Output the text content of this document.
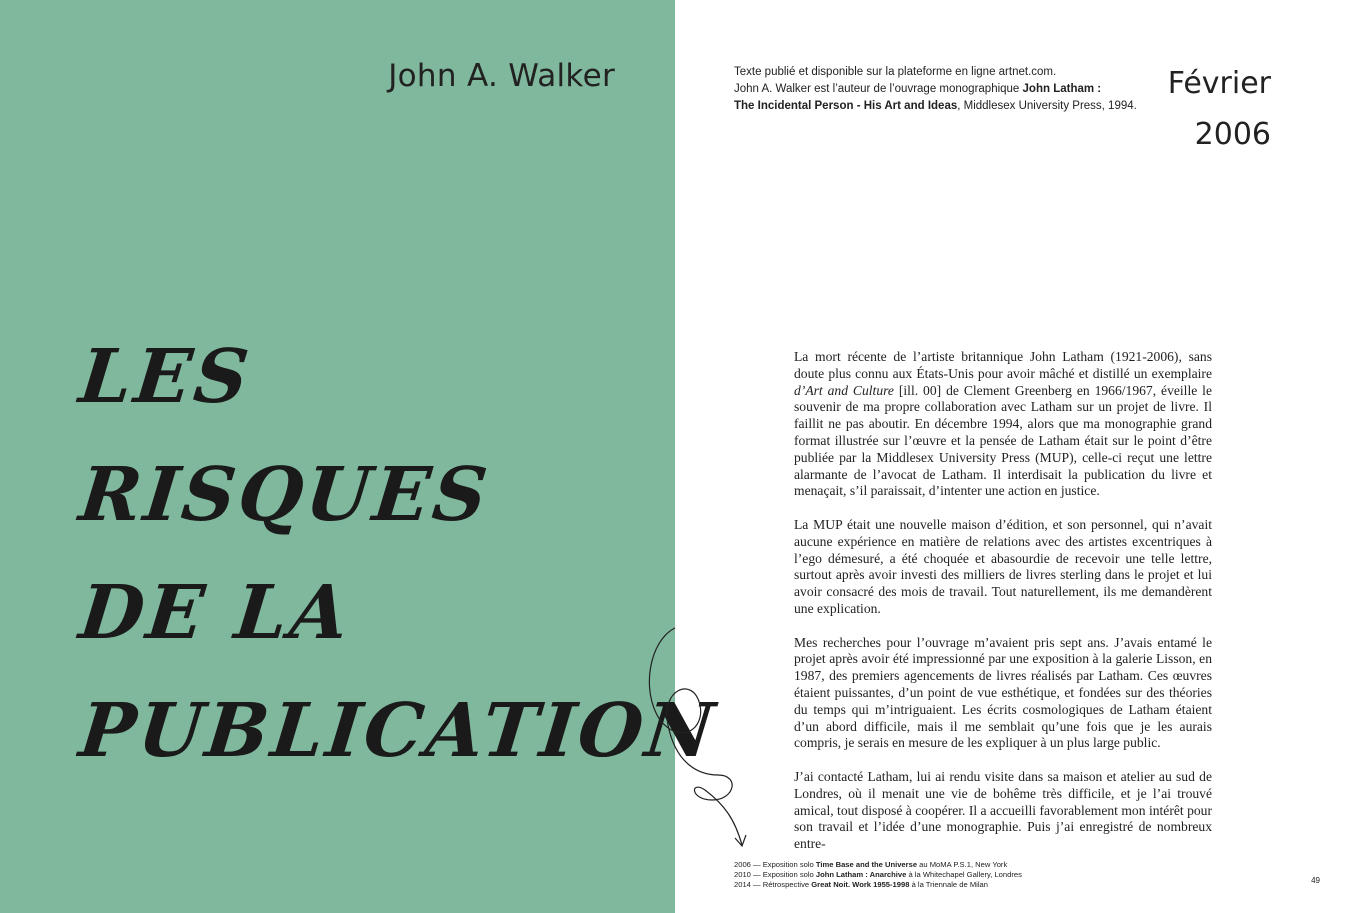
John A. Walker
LES
RISQUES
DE LA
PUBLICATION
Texte publié et disponible sur la plateforme en ligne artnet.com.
John A. Walker est l’auteur de l’ouvrage monographique John Latham :
The Incidental Person - His Art and Ideas, Middlesex University Press, 1994.
Février
2006

La mort récente de l’artiste britannique John Latham (1921-2006), sans doute plus connu aux États-Unis pour avoir mâché et distillé un exemplaire d’Art and Culture [ill. 00] de Clement Greenberg en 1966/1967, éveille le souvenir de ma propre collaboration avec Latham sur un projet de livre. Il faillit ne pas aboutir. En décembre 1994, alors que ma monographie grand format illustrée sur l’œuvre et la pensée de Latham était sur le point d’être publiée par la Middlesex University Press (MUP), celle-ci reçut une lettre alarmante de l’avocat de Latham. Il interdisait la publication du livre et menaçait, s’il paraissait, d’intenter une action en justice.

La MUP était une nouvelle maison d’édition, et son personnel, qui n’avait aucune expérience en matière de relations avec des artistes excentriques à l’ego démesuré, a été choquée et abasourdie de recevoir une telle lettre, surtout après avoir investi des milliers de livres sterling dans le projet et lui avoir consacré des mois de travail. Tout naturellement, ils me demandèrent une explication.

Mes recherches pour l’ouvrage m’avaient pris sept ans. J’avais entamé le projet après avoir été impressionné par une exposition à la galerie Lisson, en 1987, des premiers agencements de livres réalisés par Latham. Ces œuvres étaient puissantes, d’un point de vue esthétique, et fondées sur des théories du temps qui m’intriguaient. Les écrits cosmologiques de Latham étaient d’un abord difficile, mais il me semblait qu’une fois que je les aurais compris, je serais en mesure de les expliquer à un plus large public.

J’ai contacté Latham, lui ai rendu visite dans sa maison et atelier au sud de Londres, où il menait une vie de bohême très difficile, et je l’ai trouvé amical, tout disposé à coopérer. Il a accueilli favorablement mon intérêt pour son travail et l’idée d’une monographie. Puis j’ai enregistré de nombreux entre-

2006 — Exposition solo Time Base and the Universe au MoMA P.S.1, New York
2010 — Exposition solo John Latham : Anarchive à la Whitechapel Gallery, Londres
2014 — Rétrospective Great Noit. Work 1955-1998 à la Triennale de Milan	49
